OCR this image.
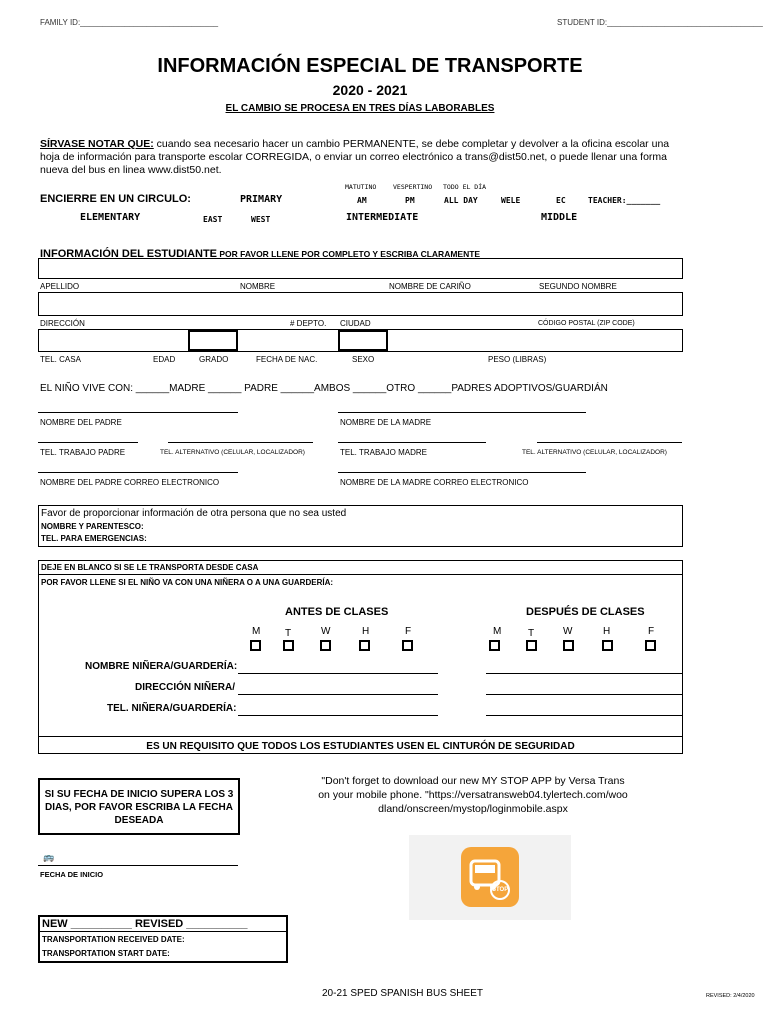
FAMILY ID:_______________________________	STUDENT ID:___________________________________
INFORMACIÓN ESPECIAL DE TRANSPORTE
2020 - 2021
EL CAMBIO SE PROCESA EN TRES DÍAS LABORABLES
SÍRVASE NOTAR QUE: cuando sea necesario hacer un cambio PERMANENTE, se debe completar y devolver a la oficina escolar una hoja de información para transporte escolar CORREGIDA, o enviar un correo electrónico a trans@dist50.net, o puede llenar una forma nueva del bus en linea www.dist50.net.
MATUTINO	VESPERTINO TODO EL DÍA
ENCIERRE EN UN CIRCULO:	PRIMARY	AM	PM	ALL DAY	WELE	EC	TEACHER:_______
ELEMENTARY	EAST	WEST	INTERMEDIATE	MIDDLE
INFORMACIÓN DEL ESTUDIANTE POR FAVOR LLENE POR COMPLETO Y ESCRIBA CLARAMENTE
APELLIDO	NOMBRE	NOMBRE DE CARIÑO	SEGUNDO NOMBRE
DIRECCIÓN	# DEPTO. CIUDAD	CÓDIGO POSTAL (ZIP CODE)
TEL. CASA	EDAD	GRADO	FECHA DE NAC.	SEXO	PESO (LIBRAS)
EL NIÑO VIVE CON: ______MADRE ______ PADRE ______AMBOS ______OTRO ______PADRES ADOPTIVOS/GUARDIÁN
NOMBRE DEL PADRE	NOMBRE DE LA MADRE
TEL. TRABAJO PADRE	TEL. ALTERNATIVO (CELULAR, LOCALIZADOR)	TEL. TRABAJO MADRE	TEL. ALTERNATIVO (CELULAR, LOCALIZADOR)
NOMBRE DEL PADRE CORREO ELECTRONICO	NOMBRE DE LA MADRE CORREO ELECTRONICO
Favor de proporcionar información de otra persona que no sea usted
NOMBRE Y PARENTESCO:
TEL. PARA EMERGENCIAS:
DEJE EN BLANCO SI SE LE TRANSPORTA DESDE CASA
POR FAVOR LLENE SI EL NIÑO VA CON UNA NIÑERA O A UNA GUARDERÍA:
ANTES DE CLASES	DESPUÉS DE CLASES
M T	W	H	F	M	T	W	H	F
NOMBRE NIÑERA/GUARDERÍA:
DIRECCIÓN NIÑERA/
TEL. NIÑERA/GUARDERÍA:
ES UN REQUISITO QUE TODOS LOS ESTUDIANTES USEN EL CINTURÓN DE SEGURIDAD
SI SU FECHA DE INICIO SUPERA LOS 3 DIAS, POR FAVOR ESCRIBA LA FECHA DESEADA
"Don't forget to download our new MY STOP APP by Versa Trans on your mobile phone. "https://versatransweb04.tylertech.com/woodland/onscreen/mystop/loginmobile.aspx
STOP
🚌
FECHA DE INICIO
NEW __________ REVISED __________
TRANSPORTATION RECEIVED DATE:
TRANSPORTATION START DATE:
20-21 SPED SPANISH BUS SHEET	REVISED: 2/4/2020
